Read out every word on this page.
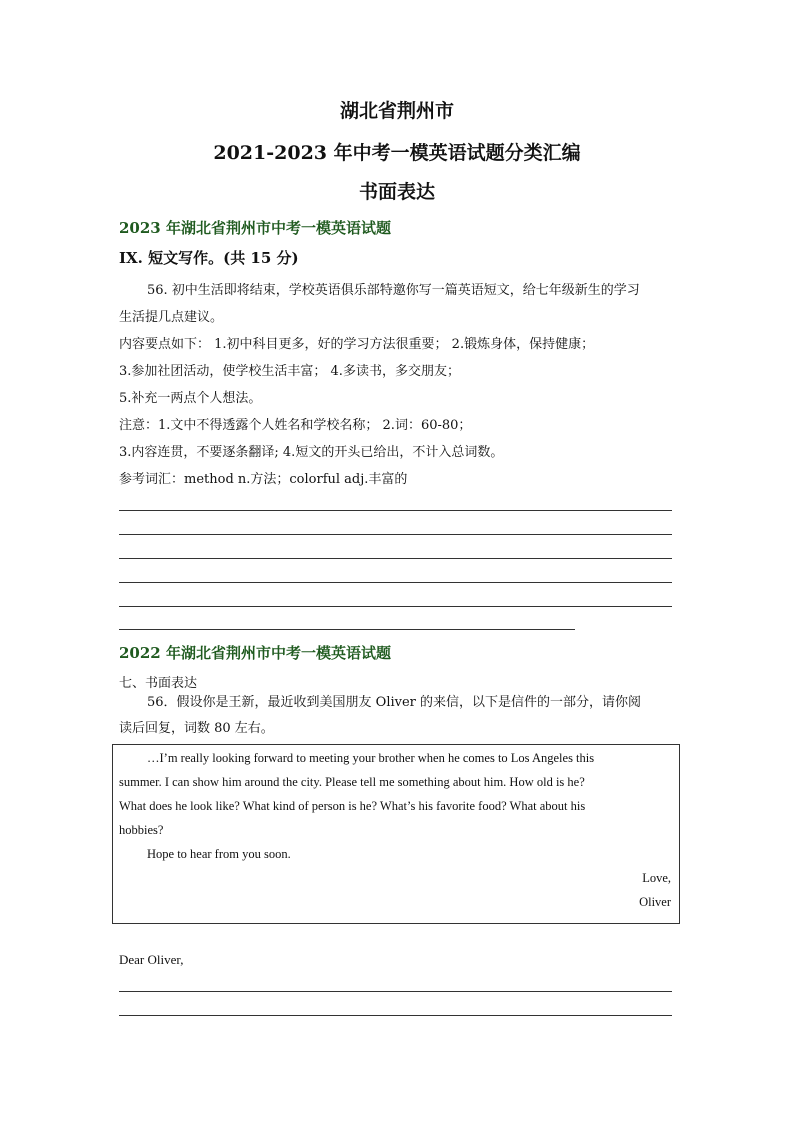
湖北省荆州市
2021-2023 年中考一模英语试题分类汇编
书面表达
2023 年湖北省荆州市中考一模英语试题
IX. 短文写作。(共 15 分)
56. 初中生活即将结束，学校英语俱乐部特邀你写一篇英语短文，给七年级新生的学习
生活提几点建议。
内容要点如下： 1.初中科目更多，好的学习方法很重要； 2.锻炼身体，保持健康；
3.参加社团活动，使学校生活丰富； 4.多读书，多交朋友；
5.补充一两点个人想法。
注意：1.文中不得透露个人姓名和学校名称； 2.词：60-80；
3.内容连贯，不要逐条翻译; 4.短文的开头已给出，不计入总词数。
参考词汇：method n.方法；colorful adj.丰富的
2022 年湖北省荆州市中考一模英语试题
七、书面表达
56．假设你是王新，最近收到美国朋友 Oliver 的来信，以下是信件的一部分，请你阅
读后回复，词数 80 左右。
…I’m really looking forward to meeting your brother when he comes to Los Angeles this
summer. I can show him around the city. Please tell me something about him. How old is he?
What does he look like? What kind of person is he? What’s his favorite food? What about his
hobbies?
Hope to hear from you soon.
Love,
Oliver
Dear Oliver,
